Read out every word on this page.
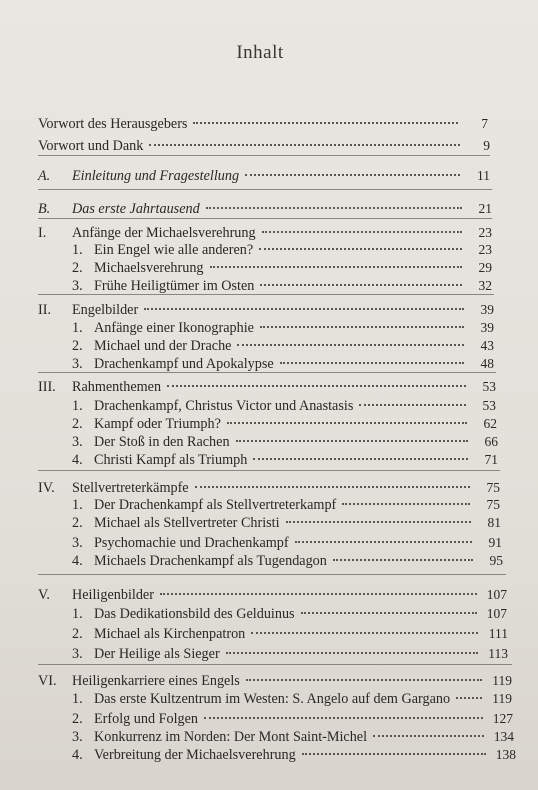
Inhalt
Vorwort des Herausgebers	7
Vorwort und Dank	9
A.	Einleitung und Fragestellung	11
B.	Das erste Jahrtausend	21
I.	Anfänge der Michaelsverehrung	23
1. Ein Engel wie alle anderen?	23
2. Michaelsverehrung	29
3. Frühe Heiligtümer im Osten	32
II.	Engelbilder	39
1. Anfänge einer Ikonographie	39
2. Michael und der Drache	43
3. Drachenkampf und Apokalypse	48
III.	Rahmenthemen	53
1. Drachenkampf, Christus Victor und Anastasis	53
2. Kampf oder Triumph?	62
3. Der Stoß in den Rachen	66
4. Christi Kampf als Triumph	71
IV.	Stellvertreterkämpfe	75
1. Der Drachenkampf als Stellvertreterkampf	75
2. Michael als Stellvertreter Christi	81
3. Psychomachie und Drachenkampf	91
4. Michaels Drachenkampf als Tugendagon	95
V.	Heiligenbilder	107
1. Das Dedikationsbild des Gelduinus	107
2. Michael als Kirchenpatron	111
3. Der Heilige als Sieger	113
VI.	Heiligenkarriere eines Engels	119
1. Das erste Kultzentrum im Westen: S. Angelo auf dem Gargano	119
2. Erfolg und Folgen	127
3. Konkurrenz im Norden: Der Mont Saint-Michel	134
4. Verbreitung der Michaelsverehrung	138
